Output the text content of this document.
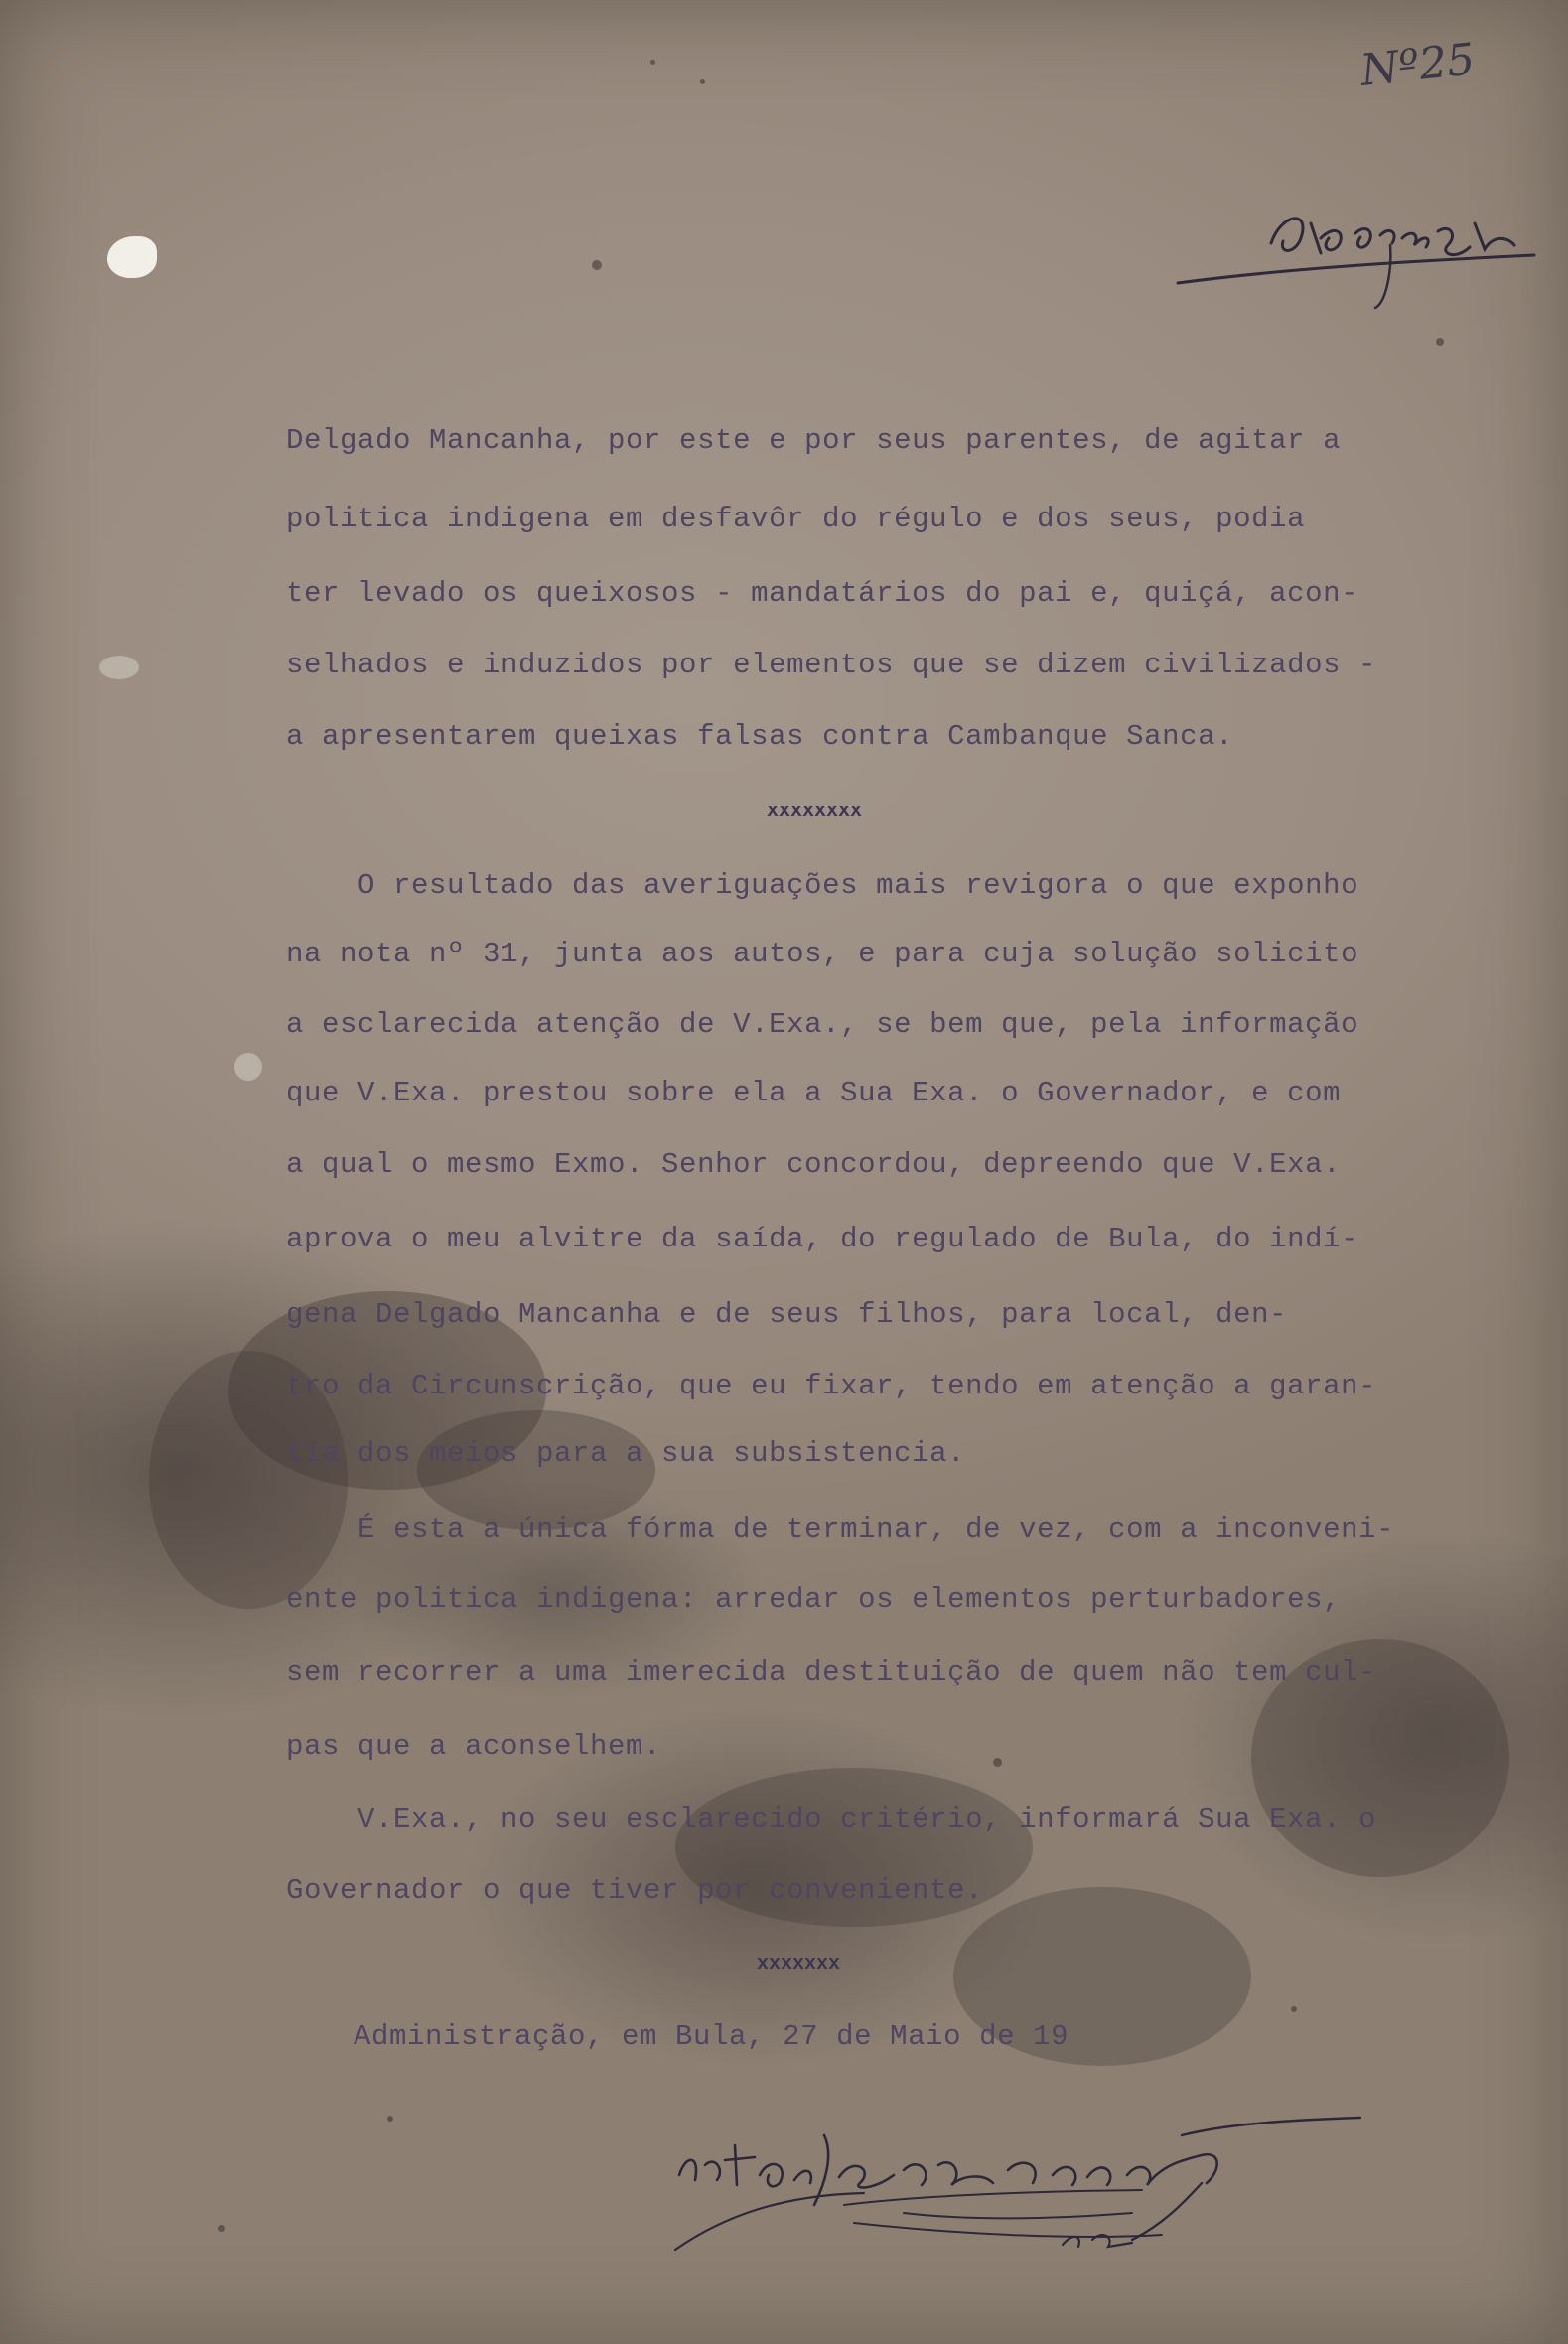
Nº25
Delgado Mancanha, por este e por seus parentes, de agitar a
politica indigena em desfavôr do régulo e dos seus, podia
ter levado os queixosos - mandatários do pai e, quiçá, acon-
selhados e induzidos por elementos que se dizem civilizados -
a apresentarem queixas falsas contra Cambanque Sanca.
xxxxxxxx
O resultado das averiguações mais revigora o que exponho
na nota nº 31, junta aos autos, e para cuja solução solicito
a esclarecida atenção de V.Exa., se bem que, pela informação
que V.Exa. prestou sobre ela a Sua Exa. o Governador, e com
a qual o mesmo Exmo. Senhor concordou, depreendo que V.Exa.
aprova o meu alvitre da saída, do regulado de Bula, do indí-
gena Delgado Mancanha e de seus filhos, para local, den-
tro da Circunscrição, que eu fixar, tendo em atenção a garan-
tia dos meios para a sua subsistencia.
É esta a única fórma de terminar, de vez, com a inconveni-
ente politica indigena: arredar os elementos perturbadores,
sem recorrer a uma imerecida destituição de quem não tem cul-
pas que a aconselhem.
V.Exa., no seu esclarecido critério, informará Sua Exa. o
Governador o que tiver por conveniente.
xxxxxxx
Administração, em Bula, 27 de Maio de 19
